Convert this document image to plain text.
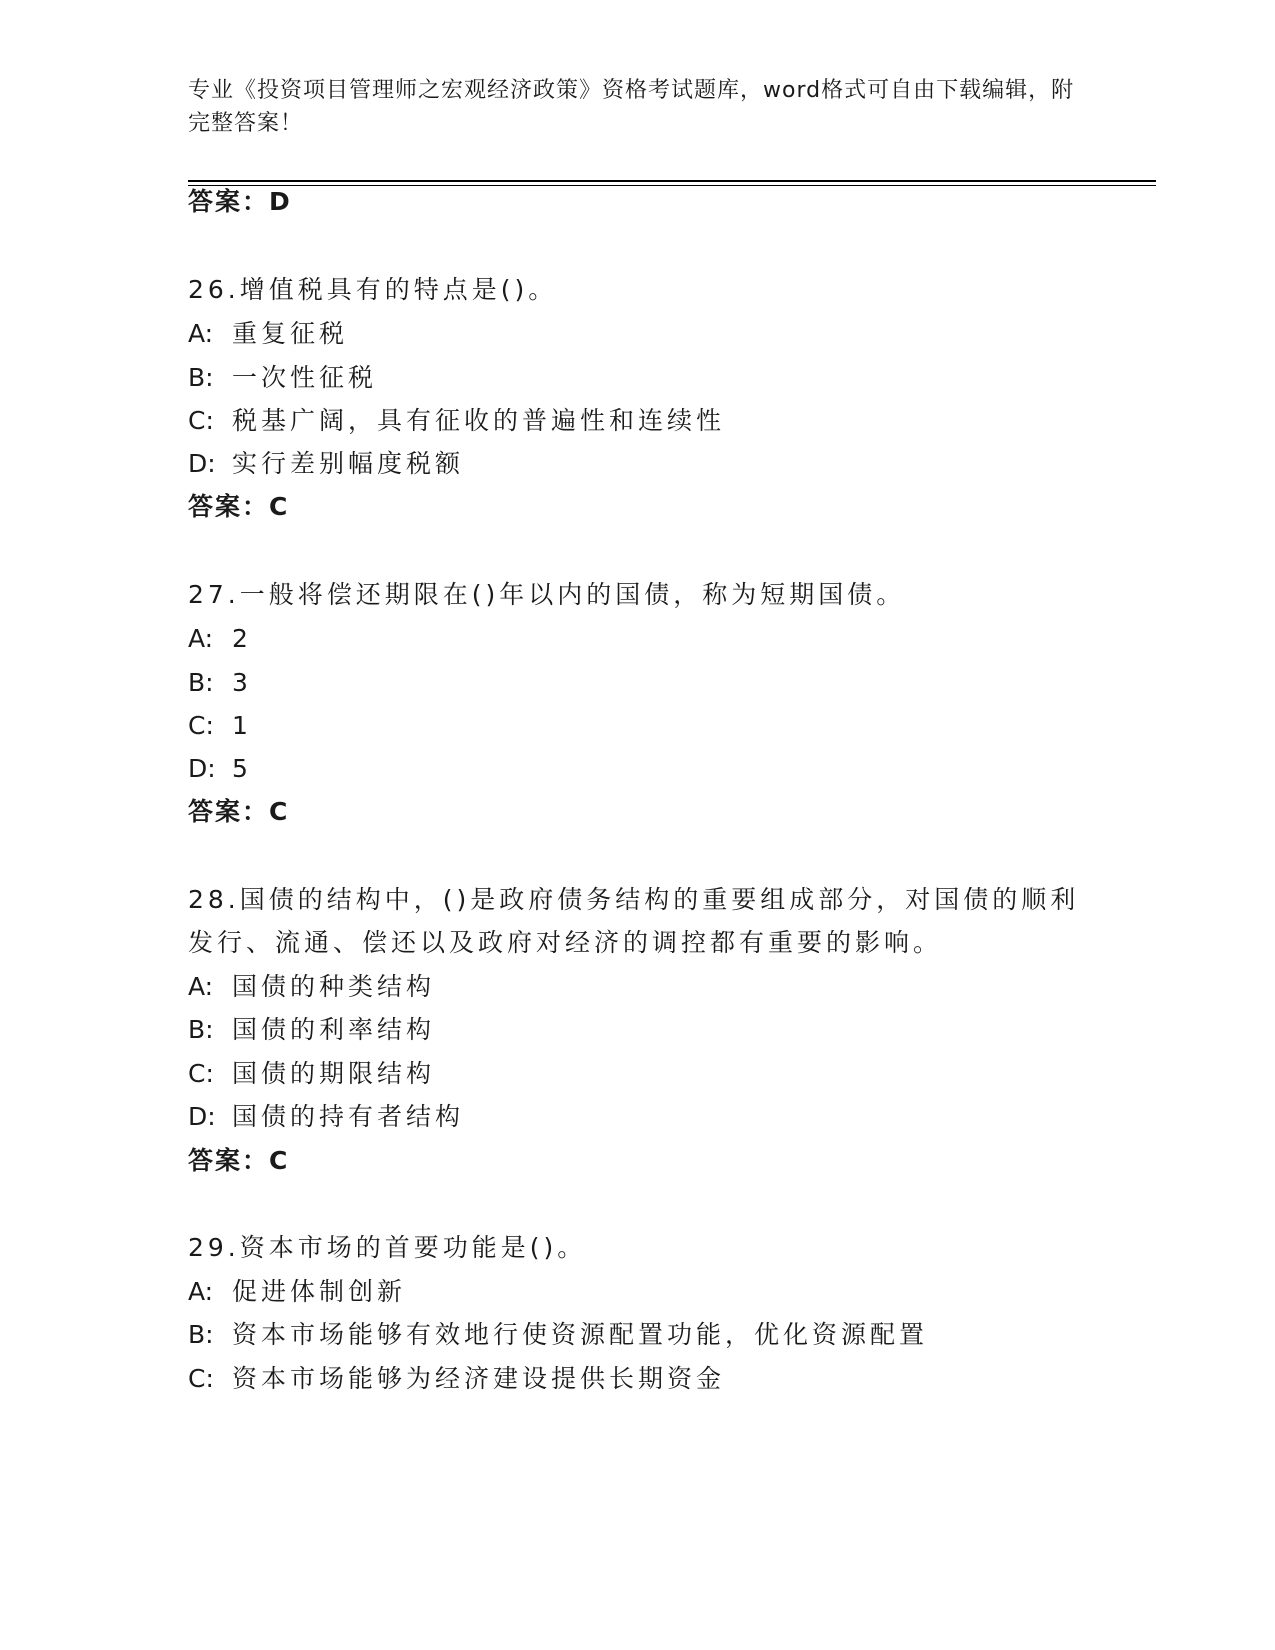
专业《投资项目管理师之宏观经济政策》资格考试题库，word格式可自由下载编辑，附完整答案！
答案：D
26.增值税具有的特点是()。
A: 重复征税
B: 一次性征税
C: 税基广阔，具有征收的普遍性和连续性
D: 实行差别幅度税额
答案：C
27.一般将偿还期限在()年以内的国债，称为短期国债。
A: 2
B: 3
C: 1
D: 5
答案：C
28.国债的结构中，()是政府债务结构的重要组成部分，对国债的顺利
发行、流通、偿还以及政府对经济的调控都有重要的影响。
A: 国债的种类结构
B: 国债的利率结构
C: 国债的期限结构
D: 国债的持有者结构
答案：C
29.资本市场的首要功能是()。
A: 促进体制创新
B: 资本市场能够有效地行使资源配置功能，优化资源配置
C: 资本市场能够为经济建设提供长期资金
